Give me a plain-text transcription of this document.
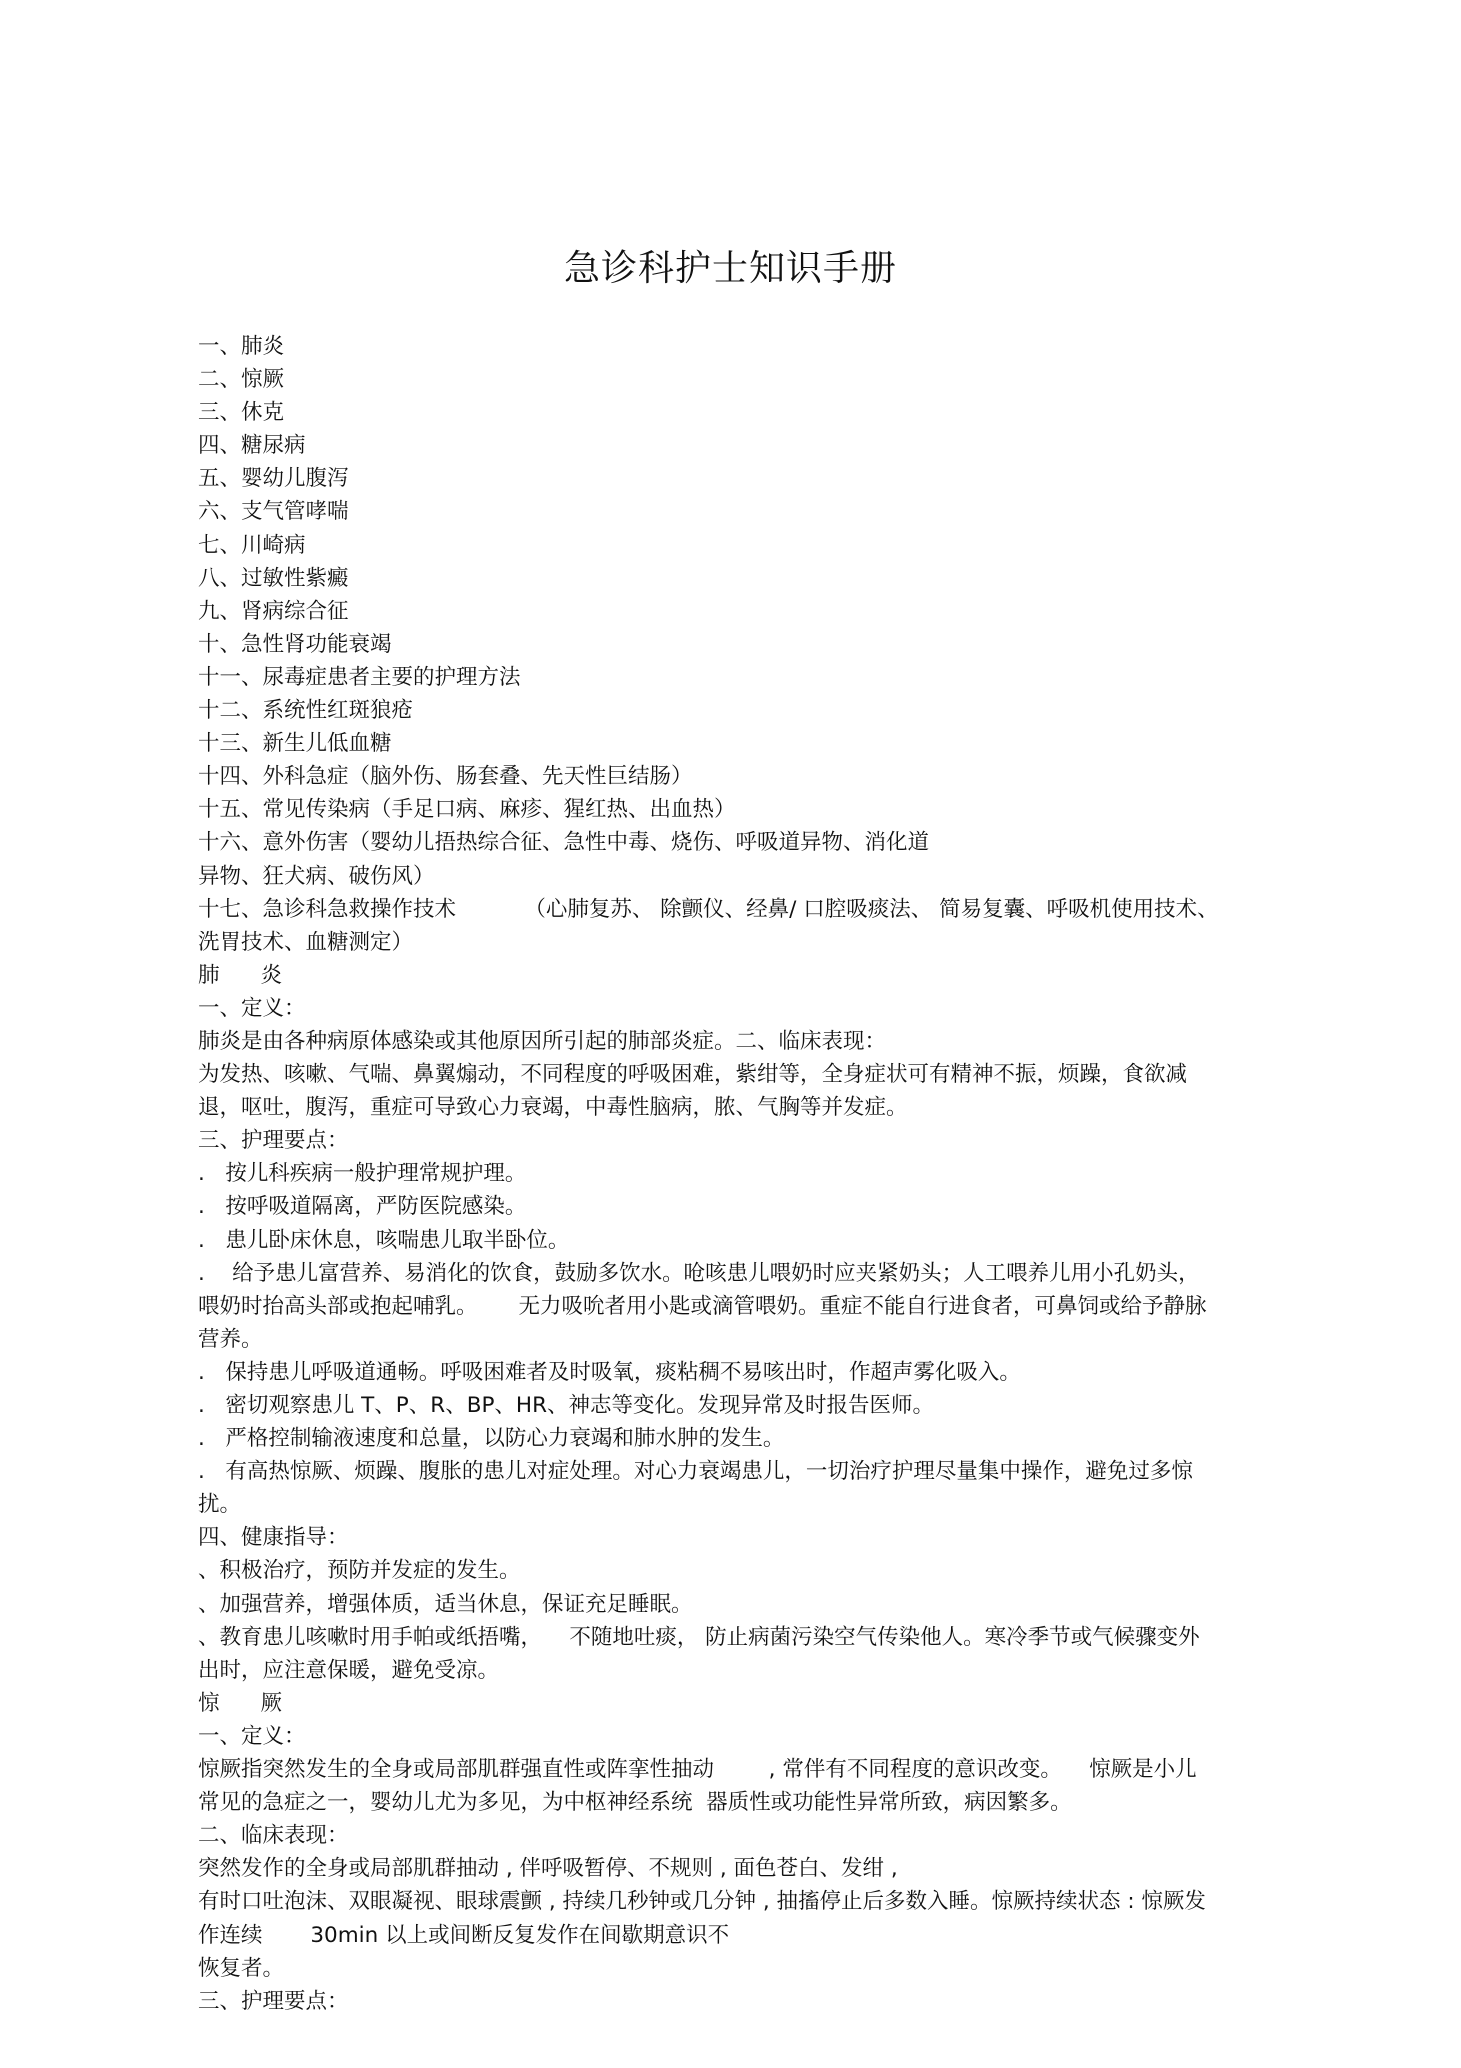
急诊科护士知识手册
一、肺炎
二、惊厥
三、休克
四、糖尿病
五、婴幼儿腹泻
六、支气管哮喘
七、川崎病
八、过敏性紫癜
九、肾病综合征
十、急性肾功能衰竭
十一、尿毒症患者主要的护理方法
十二、系统性红斑狼疮
十三、新生儿低血糖
十四、外科急症（脑外伤、肠套叠、先天性巨结肠）
十五、常见传染病（手足口病、麻疹、猩红热、出血热）
十六、意外伤害（婴幼儿捂热综合征、急性中毒、烧伤、呼吸道异物、消化道
异物、狂犬病、破伤风）
十七、急诊科急救操作技术          （心肺复苏、 除颤仪、经鼻/ 口腔吸痰法、 简易复囊、呼吸机使用技术、
洗胃技术、血糖测定）
肺      炎
一、定义：
肺炎是由各种病原体感染或其他原因所引起的肺部炎症。二、临床表现：
为发热、咳嗽、气喘、鼻翼煽动，不同程度的呼吸困难，紫绀等，全身症状可有精神不振，烦躁，食欲减
退，呕吐，腹泻，重症可导致心力衰竭，中毒性脑病，脓、气胸等并发症。
三、护理要点：
.   按儿科疾病一般护理常规护理。
.   按呼吸道隔离，严防医院感染。
.   患儿卧床休息，咳喘患儿取半卧位。
.    给予患儿富营养、易消化的饮食，鼓励多饮水。呛咳患儿喂奶时应夹紧奶头；人工喂养儿用小孔奶头，
喂奶时抬高头部或抱起哺乳。      无力吸吮者用小匙或滴管喂奶。重症不能自行进食者，可鼻饲或给予静脉
营养。
.   保持患儿呼吸道通畅。呼吸困难者及时吸氧，痰粘稠不易咳出时，作超声雾化吸入。
.   密切观察患儿 T、P、R、BP、HR、神志等变化。发现异常及时报告医师。
.   严格控制输液速度和总量，以防心力衰竭和肺水肿的发生。
.   有高热惊厥、烦躁、腹胀的患儿对症处理。对心力衰竭患儿，一切治疗护理尽量集中操作，避免过多惊
扰。
四、健康指导：
、积极治疗，预防并发症的发生。
、加强营养，增强体质，适当休息，保证充足睡眠。
、教育患儿咳嗽时用手帕或纸捂嘴，    不随地吐痰， 防止病菌污染空气传染他人。寒冷季节或气候骤变外
出时，应注意保暖，避免受凉。
惊      厥
一、定义：
惊厥指突然发生的全身或局部肌群强直性或阵挛性抽动        , 常伴有不同程度的意识改变。    惊厥是小儿
常见的急症之一，婴幼儿尤为多见，为中枢神经系统  器质性或功能性异常所致，病因繁多。
二、临床表现：
突然发作的全身或局部肌群抽动 , 伴呼吸暂停、不规则 , 面色苍白、发绀 ,
有时口吐泡沫、双眼凝视、眼球震颤 , 持续几秒钟或几分钟 , 抽搐停止后多数入睡。惊厥持续状态 : 惊厥发
作连续       30min 以上或间断反复发作在间歇期意识不
恢复者。
三、护理要点：
